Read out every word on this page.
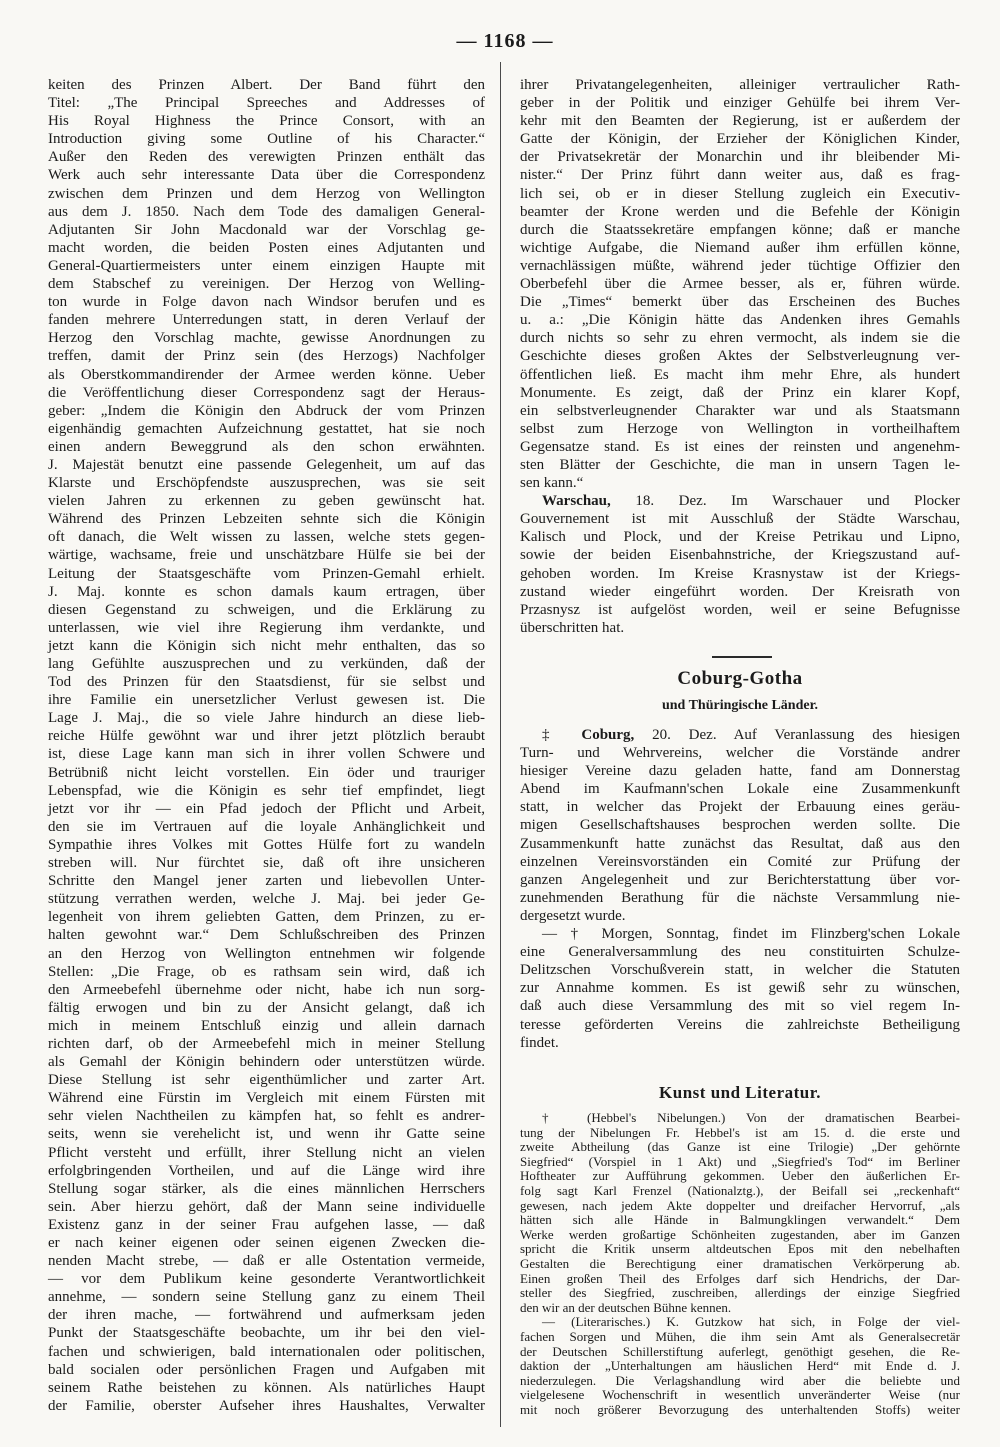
— 1168 —
keiten des Prinzen Albert. Der Band führt den
Titel: „The Principal Spreeches and Addresses of
His Royal Highness the Prince Consort, with an
Introduction giving some Outline of his Character.“
Außer den Reden des verewigten Prinzen enthält das
Werk auch sehr interessante Data über die Correspondenz
zwischen dem Prinzen und dem Herzog von Wellington
aus dem J. 1850. Nach dem Tode des damaligen General-
Adjutanten Sir John Macdonald war der Vorschlag ge-
macht worden, die beiden Posten eines Adjutanten und
General-Quartiermeisters unter einem einzigen Haupte mit
dem Stabschef zu vereinigen. Der Herzog von Welling-
ton wurde in Folge davon nach Windsor berufen und es
fanden mehrere Unterredungen statt, in deren Verlauf der
Herzog den Vorschlag machte, gewisse Anordnungen zu
treffen, damit der Prinz sein (des Herzogs) Nachfolger
als Oberstkommandirender der Armee werden könne. Ueber
die Veröffentlichung dieser Correspondenz sagt der Heraus-
geber: „Indem die Königin den Abdruck der vom Prinzen
eigenhändig gemachten Aufzeichnung gestattet, hat sie noch
einen andern Beweggrund als den schon erwähnten.
J. Majestät benutzt eine passende Gelegenheit, um auf das
Klarste und Erschöpfendste auszusprechen, was sie seit
vielen Jahren zu erkennen zu geben gewünscht hat.
Während des Prinzen Lebzeiten sehnte sich die Königin
oft danach, die Welt wissen zu lassen, welche stets gegen-
wärtige, wachsame, freie und unschätzbare Hülfe sie bei der
Leitung der Staatsgeschäfte vom Prinzen-Gemahl erhielt.
J. Maj. konnte es schon damals kaum ertragen, über
diesen Gegenstand zu schweigen, und die Erklärung zu
unterlassen, wie viel ihre Regierung ihm verdankte, und
jetzt kann die Königin sich nicht mehr enthalten, das so
lang Gefühlte auszusprechen und zu verkünden, daß der
Tod des Prinzen für den Staatsdienst, für sie selbst und
ihre Familie ein unersetzlicher Verlust gewesen ist. Die
Lage J. Maj., die so viele Jahre hindurch an diese lieb-
reiche Hülfe gewöhnt war und ihrer jetzt plötzlich beraubt
ist, diese Lage kann man sich in ihrer vollen Schwere und
Betrübniß nicht leicht vorstellen. Ein öder und trauriger
Lebenspfad, wie die Königin es sehr tief empfindet, liegt
jetzt vor ihr — ein Pfad jedoch der Pflicht und Arbeit,
den sie im Vertrauen auf die loyale Anhänglichkeit und
Sympathie ihres Volkes mit Gottes Hülfe fort zu wandeln
streben will. Nur fürchtet sie, daß oft ihre unsicheren
Schritte den Mangel jener zarten und liebevollen Unter-
stützung verrathen werden, welche J. Maj. bei jeder Ge-
legenheit von ihrem geliebten Gatten, dem Prinzen, zu er-
halten gewohnt war.“ Dem Schlußschreiben des Prinzen
an den Herzog von Wellington entnehmen wir folgende
Stellen: „Die Frage, ob es rathsam sein wird, daß ich
den Armeebefehl übernehme oder nicht, habe ich nun sorg-
fältig erwogen und bin zu der Ansicht gelangt, daß ich
mich in meinem Entschluß einzig und allein darnach
richten darf, ob der Armeebefehl mich in meiner Stellung
als Gemahl der Königin behindern oder unterstützen würde.
Diese Stellung ist sehr eigenthümlicher und zarter Art.
Während eine Fürstin im Vergleich mit einem Fürsten mit
sehr vielen Nachtheilen zu kämpfen hat, so fehlt es andrer-
seits, wenn sie verehelicht ist, und wenn ihr Gatte seine
Pflicht versteht und erfüllt, ihrer Stellung nicht an vielen
erfolgbringenden Vortheilen, und auf die Länge wird ihre
Stellung sogar stärker, als die eines männlichen Herrschers
sein. Aber hierzu gehört, daß der Mann seine individuelle
Existenz ganz in der seiner Frau aufgehen lasse, — daß
er nach keiner eigenen oder seinen eigenen Zwecken die-
nenden Macht strebe, — daß er alle Ostentation vermeide,
— vor dem Publikum keine gesonderte Verantwortlichkeit
annehme, — sondern seine Stellung ganz zu einem Theil
der ihren mache, — fortwährend und aufmerksam jeden
Punkt der Staatsgeschäfte beobachte, um ihr bei den viel-
fachen und schwierigen, bald internationalen oder politischen,
bald socialen oder persönlichen Fragen und Aufgaben mit
seinem Rathe beistehen zu können. Als natürliches Haupt
der Familie, oberster Aufseher ihres Haushaltes, Verwalter
ihrer Privatangelegenheiten, alleiniger vertraulicher Rath-
geber in der Politik und einziger Gehülfe bei ihrem Ver-
kehr mit den Beamten der Regierung, ist er außerdem der
Gatte der Königin, der Erzieher der Königlichen Kinder,
der Privatsekretär der Monarchin und ihr bleibender Mi-
nister.“ Der Prinz führt dann weiter aus, daß es frag-
lich sei, ob er in dieser Stellung zugleich ein Executiv-
beamter der Krone werden und die Befehle der Königin
durch die Staatssekretäre empfangen könne; daß er manche
wichtige Aufgabe, die Niemand außer ihm erfüllen könne,
vernachlässigen müßte, während jeder tüchtige Offizier den
Oberbefehl über die Armee besser, als er, führen würde.
Die „Times“ bemerkt über das Erscheinen des Buches
u. a.: „Die Königin hätte das Andenken ihres Gemahls
durch nichts so sehr zu ehren vermocht, als indem sie die
Geschichte dieses großen Aktes der Selbstverleugnung ver-
öffentlichen ließ. Es macht ihm mehr Ehre, als hundert
Monumente. Es zeigt, daß der Prinz ein klarer Kopf,
ein selbstverleugnender Charakter war und als Staatsmann
selbst zum Herzoge von Wellington in vortheilhaftem
Gegensatze stand. Es ist eines der reinsten und angenehm-
sten Blätter der Geschichte, die man in unsern Tagen le-
sen kann.“
Warschau, 18. Dez. Im Warschauer und Plocker
Gouvernement ist mit Ausschluß der Städte Warschau,
Kalisch und Plock, und der Kreise Petrikau und Lipno,
sowie der beiden Eisenbahnstriche, der Kriegszustand auf-
gehoben worden. Im Kreise Krasnystaw ist der Kriegs-
zustand wieder eingeführt worden. Der Kreisrath von
Przasnysz ist aufgelöst worden, weil er seine Befugnisse
überschritten hat.
Coburg-Gotha
und Thüringische Länder.
‡ Coburg, 20. Dez. Auf Veranlassung des hiesigen
Turn- und Wehrvereins, welcher die Vorstände andrer
hiesiger Vereine dazu geladen hatte, fand am Donnerstag
Abend im Kaufmann'schen Lokale eine Zusammenkunft
statt, in welcher das Projekt der Erbauung eines geräu-
migen Gesellschaftshauses besprochen werden sollte. Die
Zusammenkunft hatte zunächst das Resultat, daß aus den
einzelnen Vereinsvorständen ein Comité zur Prüfung der
ganzen Angelegenheit und zur Berichterstattung über vor-
zunehmenden Berathung für die nächste Versammlung nie-
dergesetzt wurde.
— † Morgen, Sonntag, findet im Flinzberg'schen Lokale
eine Generalversammlung des neu constituirten Schulze-
Delitzschen Vorschußverein statt, in welcher die Statuten
zur Annahme kommen. Es ist gewiß sehr zu wünschen,
daß auch diese Versammlung des mit so viel regem In-
teresse geförderten Vereins die zahlreichste Betheiligung
findet.
Kunst und Literatur.
† (Hebbel's Nibelungen.) Von der dramatischen Bearbei-
tung der Nibelungen Fr. Hebbel's ist am 15. d. die erste und
zweite Abtheilung (das Ganze ist eine Trilogie) „Der gehörnte
Siegfried“ (Vorspiel in 1 Akt) und „Siegfried's Tod“ im Berliner
Hoftheater zur Aufführung gekommen. Ueber den äußerlichen Er-
folg sagt Karl Frenzel (Nationalztg.), der Beifall sei „reckenhaft“
gewesen, nach jedem Akte doppelter und dreifacher Hervorruf, „als
hätten sich alle Hände in Balmungklingen verwandelt.“ Dem
Werke werden großartige Schönheiten zugestanden, aber im Ganzen
spricht die Kritik unserm altdeutschen Epos mit den nebelhaften
Gestalten die Berechtigung einer dramatischen Verkörperung ab.
Einen großen Theil des Erfolges darf sich Hendrichs, der Dar-
steller des Siegfried, zuschreiben, allerdings der einzige Siegfried
den wir an der deutschen Bühne kennen.
— (Literarisches.) K. Gutzkow hat sich, in Folge der viel-
fachen Sorgen und Mühen, die ihm sein Amt als Generalsecretär
der Deutschen Schillerstiftung auferlegt, genöthigt gesehen, die Re-
daktion der „Unterhaltungen am häuslichen Herd“ mit Ende d. J.
niederzulegen. Die Verlagshandlung wird aber die beliebte und
vielgelesene Wochenschrift in wesentlich unveränderter Weise (nur
mit noch größerer Bevorzugung des unterhaltenden Stoffs) weiter
